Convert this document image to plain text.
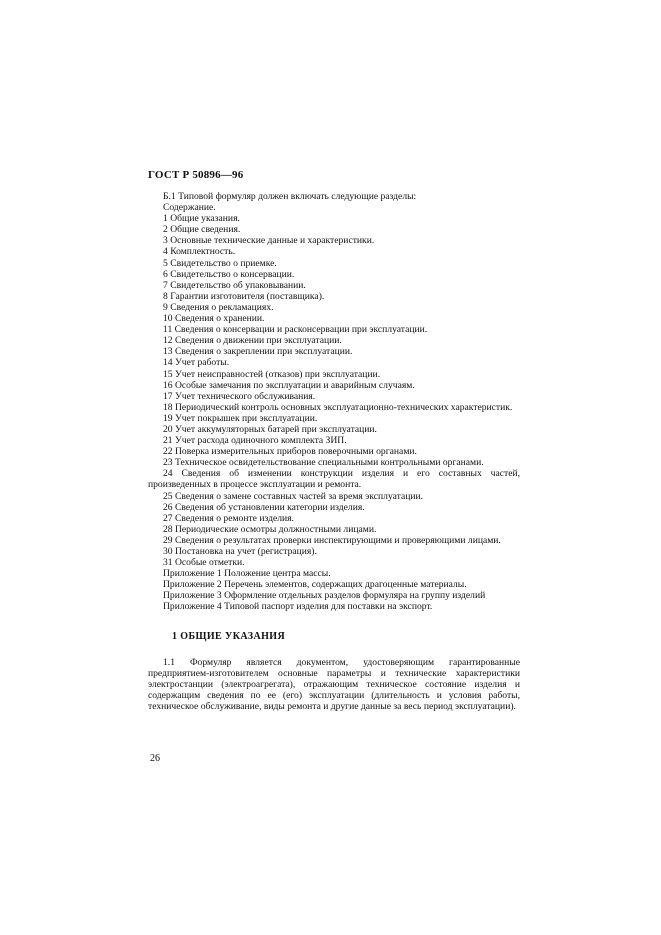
ГОСТ Р 50896—96

Б.1 Типовой формуляр должен включать следующие разделы:

Содержание.

1 Общие указания.
2 Общие сведения.
3 Основные технические данные и характеристики.
4 Комплектность.
5 Свидетельство о приемке.
6 Свидетельство о консервации.
7 Свидетельство об упаковывании.
8 Гарантии изготовителя (поставщика).
9 Сведения о рекламациях.
10 Сведения о хранении.
11 Сведения о консервации и расконсервации при эксплуатации.
12 Сведения о движении при эксплуатации.
13 Сведения о закреплении при эксплуатации.
14 Учет работы.
15 Учет неисправностей (отказов) при эксплуатации.
16 Особые замечания по эксплуатации и аварийным случаям.
17 Учет технического обслуживания.
18 Периодический контроль основных эксплуатационно-технических характеристик.
19 Учет покрышек при эксплуатации.
20 Учет аккумуляторных батарей при эксплуатации.
21 Учет расхода одиночного комплекта ЗИП.
22 Поверка измерительных приборов поверочными органами.
23 Техническое освидетельствование специальными контрольными органами.
24 Сведения об изменении конструкции изделия и его составных частей, произведенных в процессе эксплуатации и ремонта.
25 Сведения о замене составных частей за время эксплуатации.
26 Сведения об установлении категории изделия.
27 Сведения о ремонте изделия.
28 Периодические осмотры должностными лицами.
29 Сведения о результатах проверки инспектирующими и проверяющими лицами.
30 Постановка на учет (регистрация).
31 Особые отметки.
Приложение 1 Положение центра массы.
Приложение 2 Перечень элементов, содержащих драгоценные материалы.
Приложение 3 Оформление отдельных разделов формуляра на группу изделий
Приложение 4 Типовой паспорт изделия для поставки на экспорт.
1 ОБЩИЕ УКАЗАНИЯ

1.1 Формуляр является документом, удостоверяющим гарантированные предприятием-изготовителем основные параметры и технические характеристики электростанции (электроагрегата), отражающим техническое состояние изделия и содержащим сведения по ее (его) эксплуатации (длительность и условия работы, техническое обслуживание, виды ремонта и другие данные за весь период эксплуатации).

26
